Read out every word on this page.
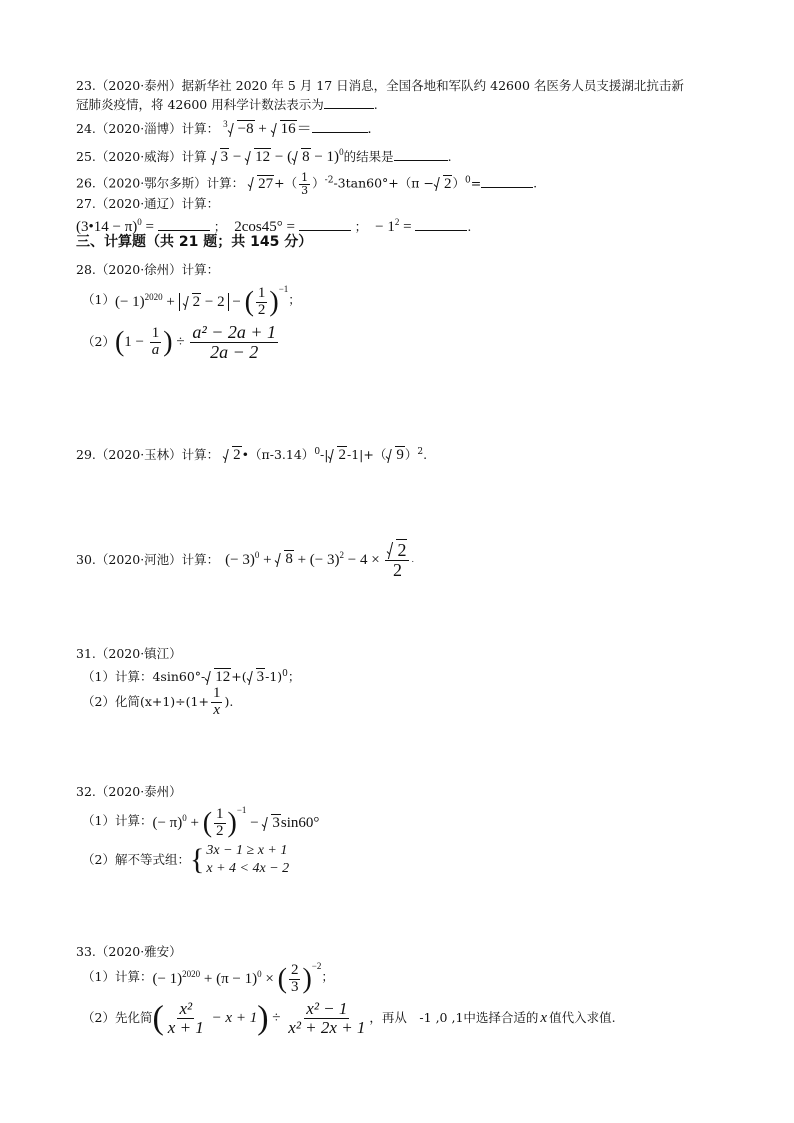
23.（2020·泰州）据新华社 2020 年 5 月 17 日消息，全国各地和军队约 42600 名医务人员支援湖北抗击新
冠肺炎疫情，将 42600 用科学计数法表示为	.
24.（2020·淄博）计算： $^3$ −8 + 16＝	.
25.（2020·威海）计算 3 − 12 − ( 8 − 1)$^0$的结果是	.
26.（2020·鄂尔多斯）计算： $27+( \frac{1}{3} )^{-2}-3\tan 60^\circ+(\pi - 2)^0=$	.
27.（2020·通辽）计算：
(3•14 − π)$^0$ =	； 2cos45° =	； − $1^2$ =	.
三、计算题（共 21 题；共 145 分）
28.（2020·徐州）计算：
（1） (− 1)$^{2020}$ + 2 − 2 − ( $\frac{1}{2} )^{-1}$
；
（2） ($1 - \frac{1}{a}$ ) ÷ $\frac{\text{a² − 2a + 1}}{2a - 2}$
29.（2020·玉林）计算： $2•(\pi-3.14)^0-|$ 2-1|+（ 9）$^2$.
30.（2020·河池）计算： (− 3)$^0$ + 8 + (− $3)^2 - 4 \times \frac{2}{2}$ .
31.（2020·镇江）
（1）计算：4sin60°- 12+( 3-1)$^0$；
（2）化简$(x+1)\div(1+ \frac{1}{x}$ ).
32.（2020·泰州）
（1）计算： (− π)$^0$ + ( $\frac{1}{2} )^{-1} - 3\sin 60^\circ$
（2）解不等式组： { 3x − 1 ≥ x + 1
x + 4 < 4x − 2
33.（2020·雅安）
（1）计算： (− $1)^{2020} + (\pi - 1)^0$ × ( $\frac{2}{3} )^{-2}$
；
（2）先化简 ( $\frac{\text{x²}}{x + 1} - x + 1) \div \frac{\text{x² − 1}}{\text{x² + 2x + 1}}$ ，再从　-1 ,0 ,1中选择合适的 x 值代入求值.
